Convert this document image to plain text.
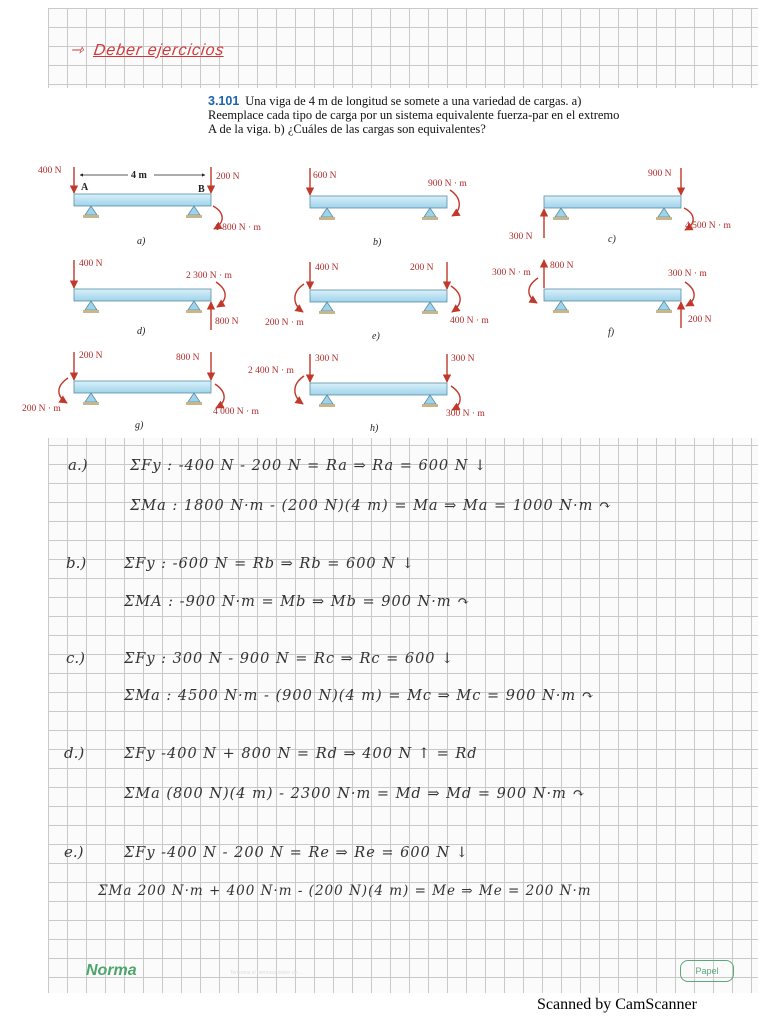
⇾ Deber ejercicios
3.101 Una viga de 4 m de longitud se somete a una variedad de cargas. a) Reemplace cada tipo de carga por un sistema equivalente fuerza-par en el extremo A de la viga. b) ¿Cuáles de las cargas son equivalentes?
400 N	4 m
A	B
200 N
1 800 N · m
a)
600 N
900 N · m
b)
900 N
300 N
4 500 N · m
c)
400 N
2 300 N · m
800 N
d)
400 N	200 N
200 N · m	400 N · m
e)
300 N · m
800 N
300 N · m
200 N
f)
200 N	800 N
200 N · m	4 000 N · m
g)
2 400 N · m
300 N	300 N
300 N · m
h)
a.)	ΣFy : -400 N - 200 N = Ra ⇒ Ra = 600 N ↓
ΣMa : 1800 N·m - (200 N)(4 m) = Ma ⇒ Ma = 1000 N·m ↷
b.)	ΣFy : -600 N = Rb ⇒ Rb = 600 N ↓
ΣMA : -900 N·m = Mb ⇒ Mb = 900 N·m ↷
c.)	ΣFy : 300 N - 900 N = Rc ⇒ Rc = 600 ↓
ΣMa : 4500 N·m - (900 N)(4 m) = Mc ⇒ Mc = 900 N·m ↷
d.)	ΣFy -400 N + 800 N = Rd ⇒ 400 N ↑ = Rd
ΣMa (800 N)(4 m) - 2300 N·m = Md ⇒ Md = 900 N·m ↷
e.)	ΣFy -400 N - 200 N = Re ⇒ Re = 600 N ↓
ΣMa 200 N·m + 400 N·m - (200 N)(4 m) = Me ⇒ Me = 200 N·m
Norma	Tenemos el hermoso deber de ...	Papel
Scanned by CamScanner
